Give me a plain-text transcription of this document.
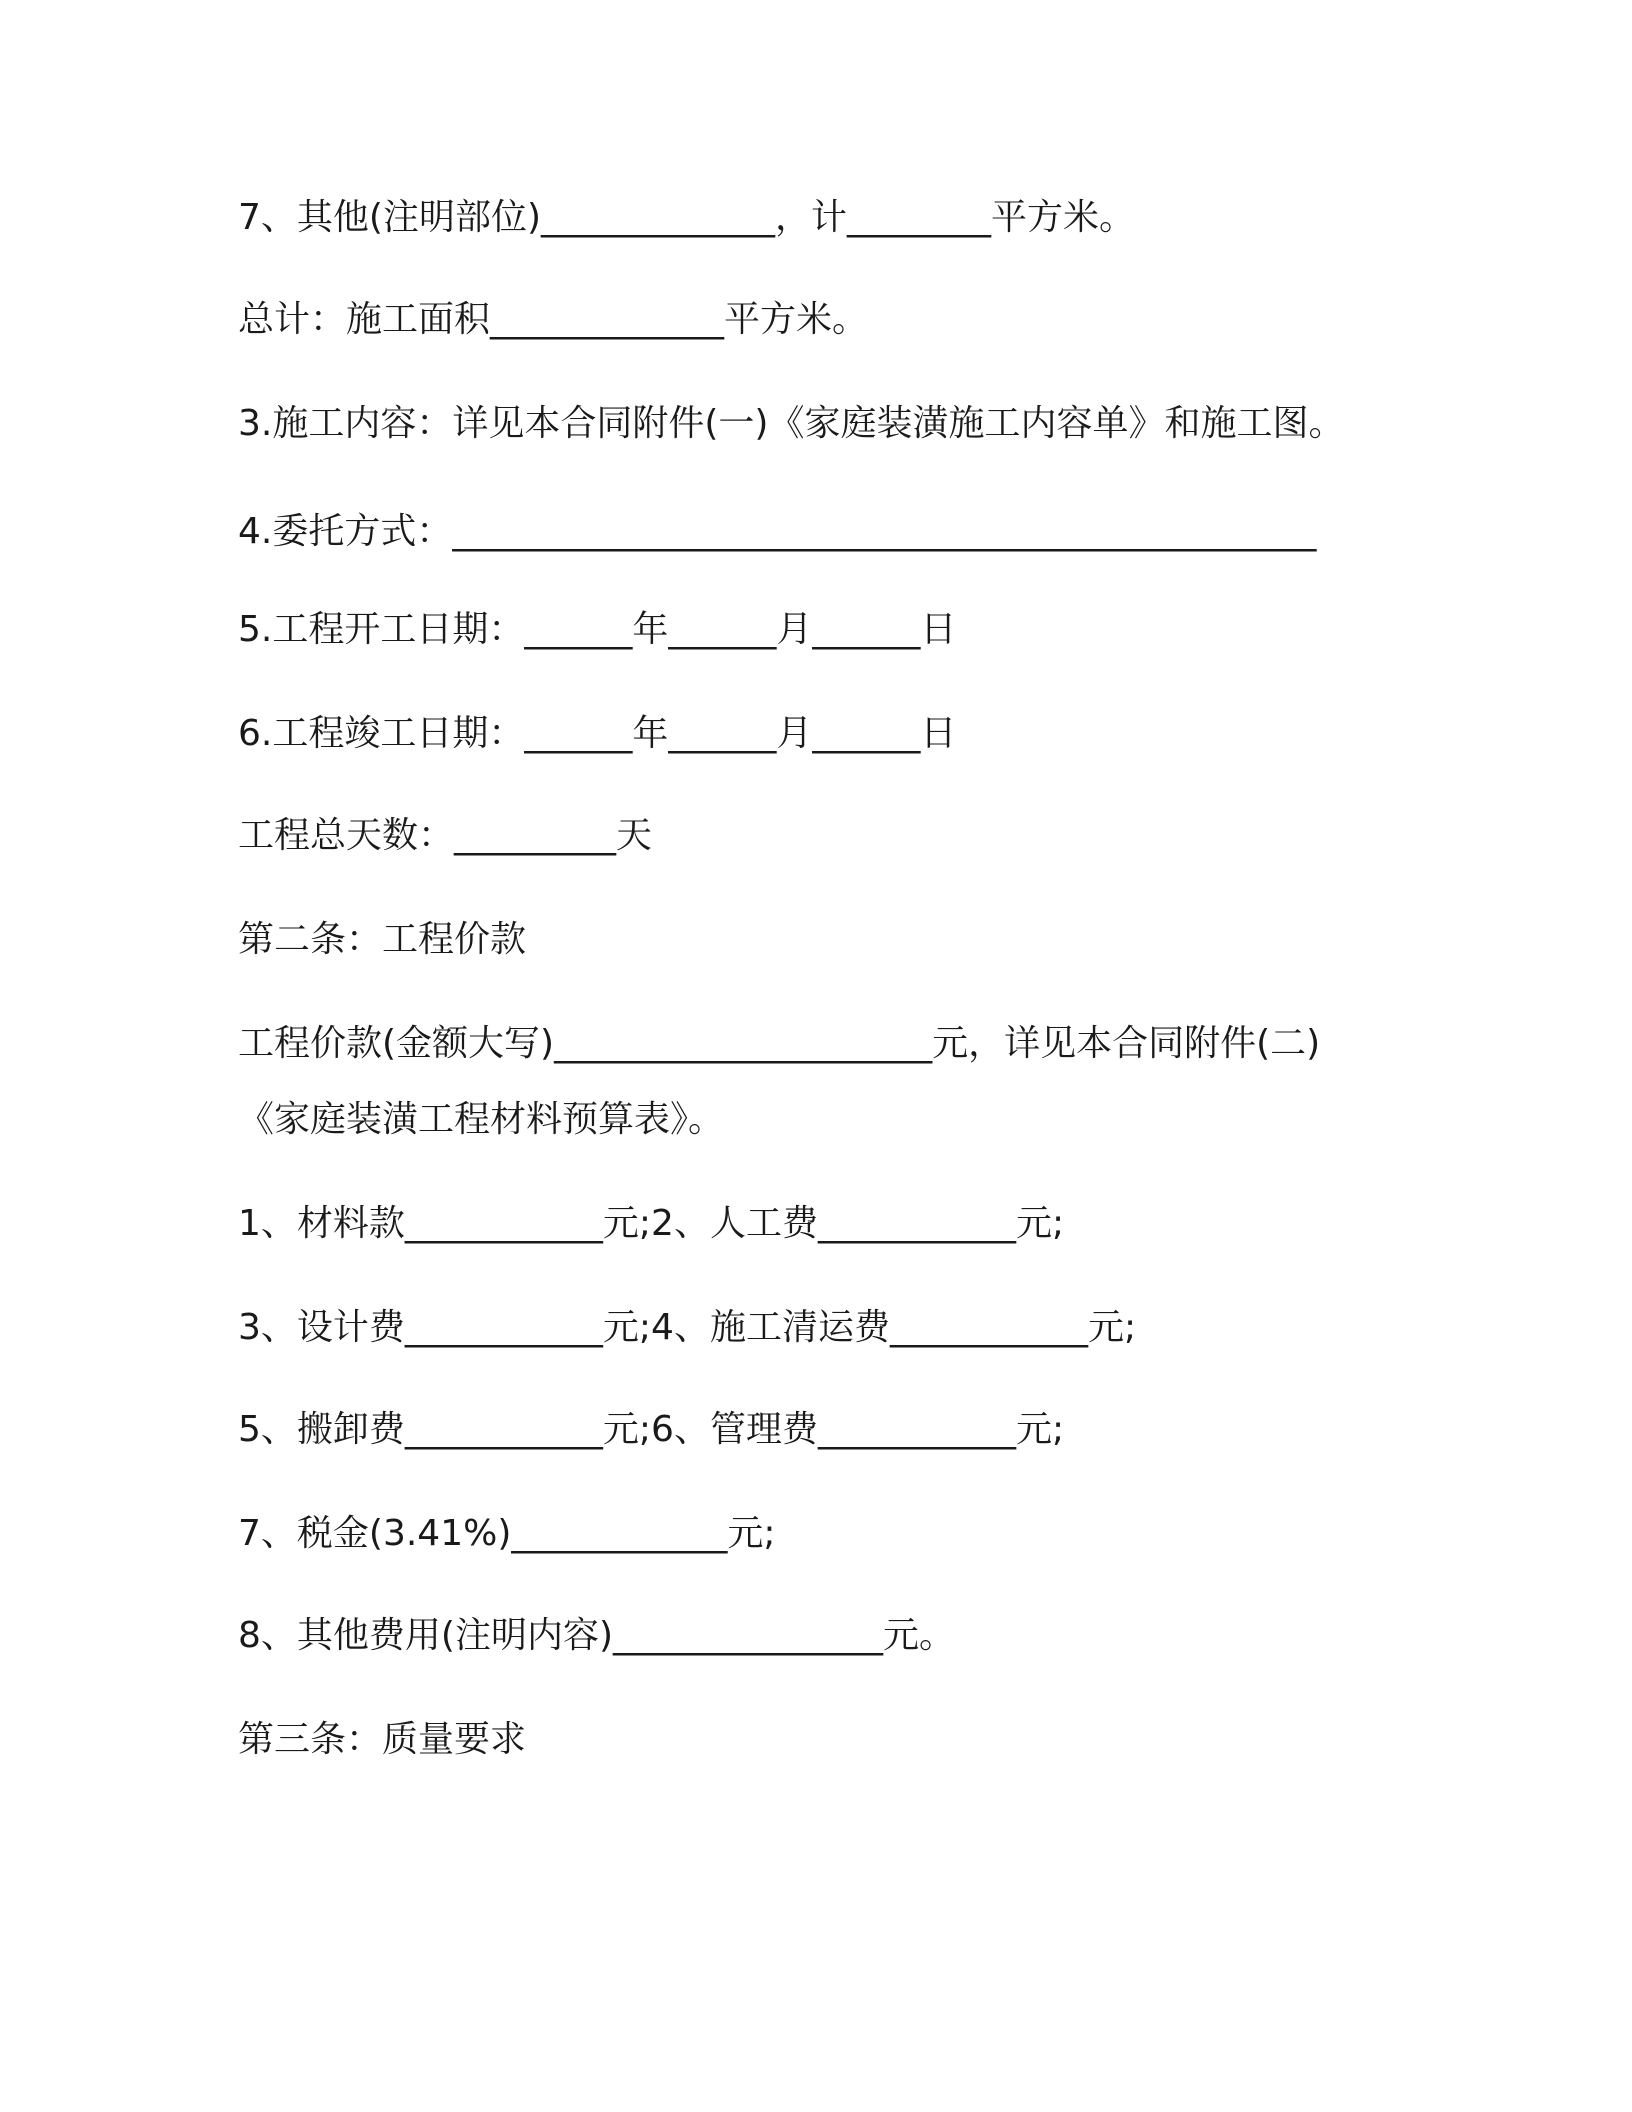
7、其他(注明部位)_____________，计________平方米。
总计：施工面积_____________平方米。
3.施工内容：详见本合同附件(一)《家庭装潢施工内容单》和施工图。
4.委托方式：________________________________________________
5.工程开工日期：______年______月______日
6.工程竣工日期：______年______月______日
工程总天数：_________天
第二条：工程价款
工程价款(金额大写)_____________________元，详见本合同附件(二)
《家庭装潢工程材料预算表》。
1、材料款___________元;2、人工费___________元;
3、设计费___________元;4、施工清运费___________元;
5、搬卸费___________元;6、管理费___________元;
7、税金(3.41%)____________元;
8、其他费用(注明内容)_______________元。
第三条：质量要求
